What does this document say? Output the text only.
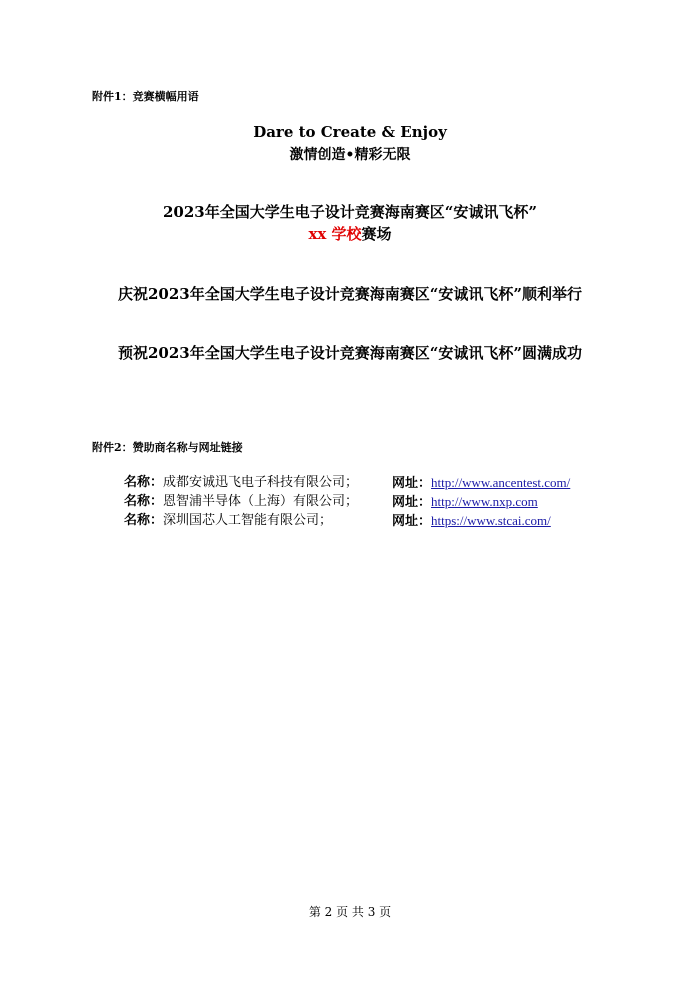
附件1：竞赛横幅用语
Dare to Create & Enjoy
激情创造•精彩无限
2023年全国大学生电子设计竞赛海南赛区“安诚讯飞杯”
xx 学校赛场
庆祝2023年全国大学生电子设计竞赛海南赛区“安诚讯飞杯”顺利举行
预祝2023年全国大学生电子设计竞赛海南赛区“安诚讯飞杯”圆满成功
附件2：赞助商名称与网址链接
名称：成都安诚迅飞电子科技有限公司；	网址：http://www.ancentest.com/
名称：恩智浦半导体（上海）有限公司；	网址：http://www.nxp.com
名称：深圳国芯人工智能有限公司；	网址：https://www.stcai.com/
第 2 页 共 3 页
